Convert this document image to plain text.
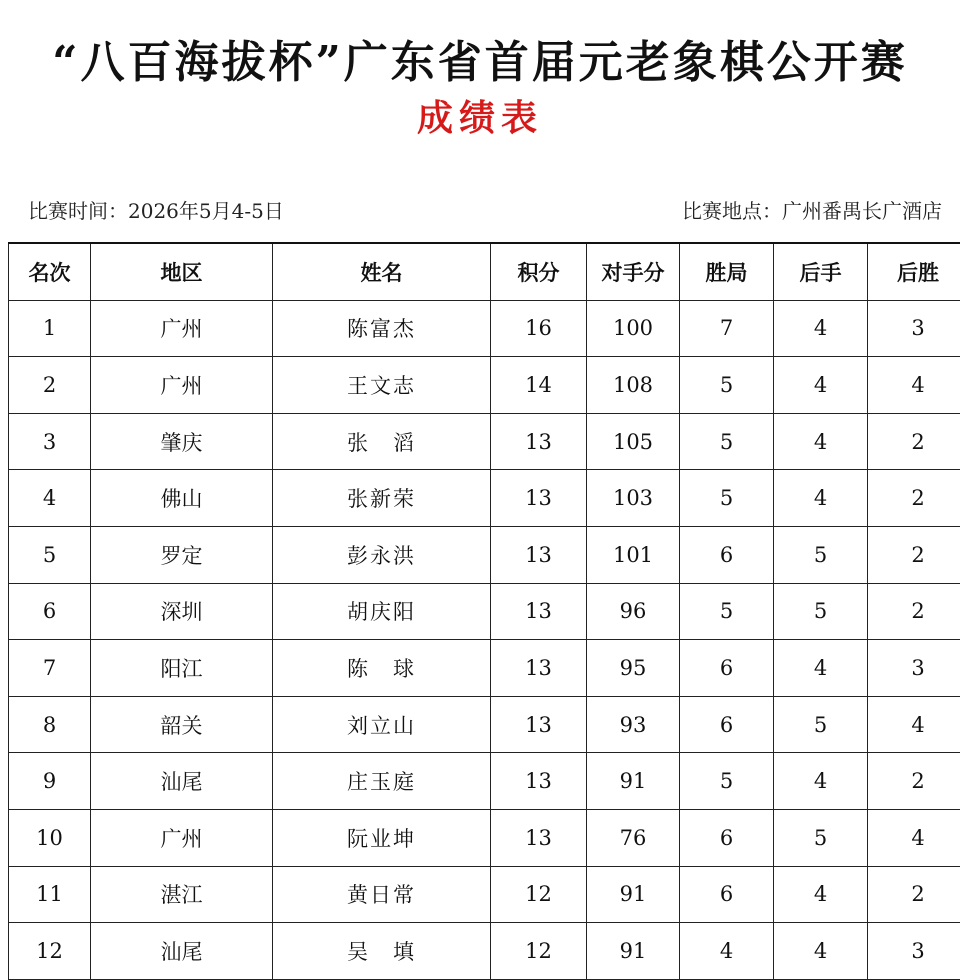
“八百海拔杯”广东省首届元老象棋公开赛
成绩表
比赛时间：2026年5月4-5日	比赛地点：广州番禺长广酒店
名次	地区	姓名	积分	对手分	胜局	后手	后胜
1	广州	陈富杰	16	100	7	4	3
2	广州	王文志	14	108	5	4	4
3	肇庆	张　滔	13	105	5	4	2
4	佛山	张新荣	13	103	5	4	2
5	罗定	彭永洪	13	101	6	5	2
6	深圳	胡庆阳	13	96	5	5	2
7	阳江	陈　球	13	95	6	4	3
8	韶关	刘立山	13	93	6	5	4
9	汕尾	庄玉庭	13	91	5	4	2
10	广州	阮业坤	13	76	6	5	4
11	湛江	黄日常	12	91	6	4	2
12	汕尾	吴　填	12	91	4	4	3
